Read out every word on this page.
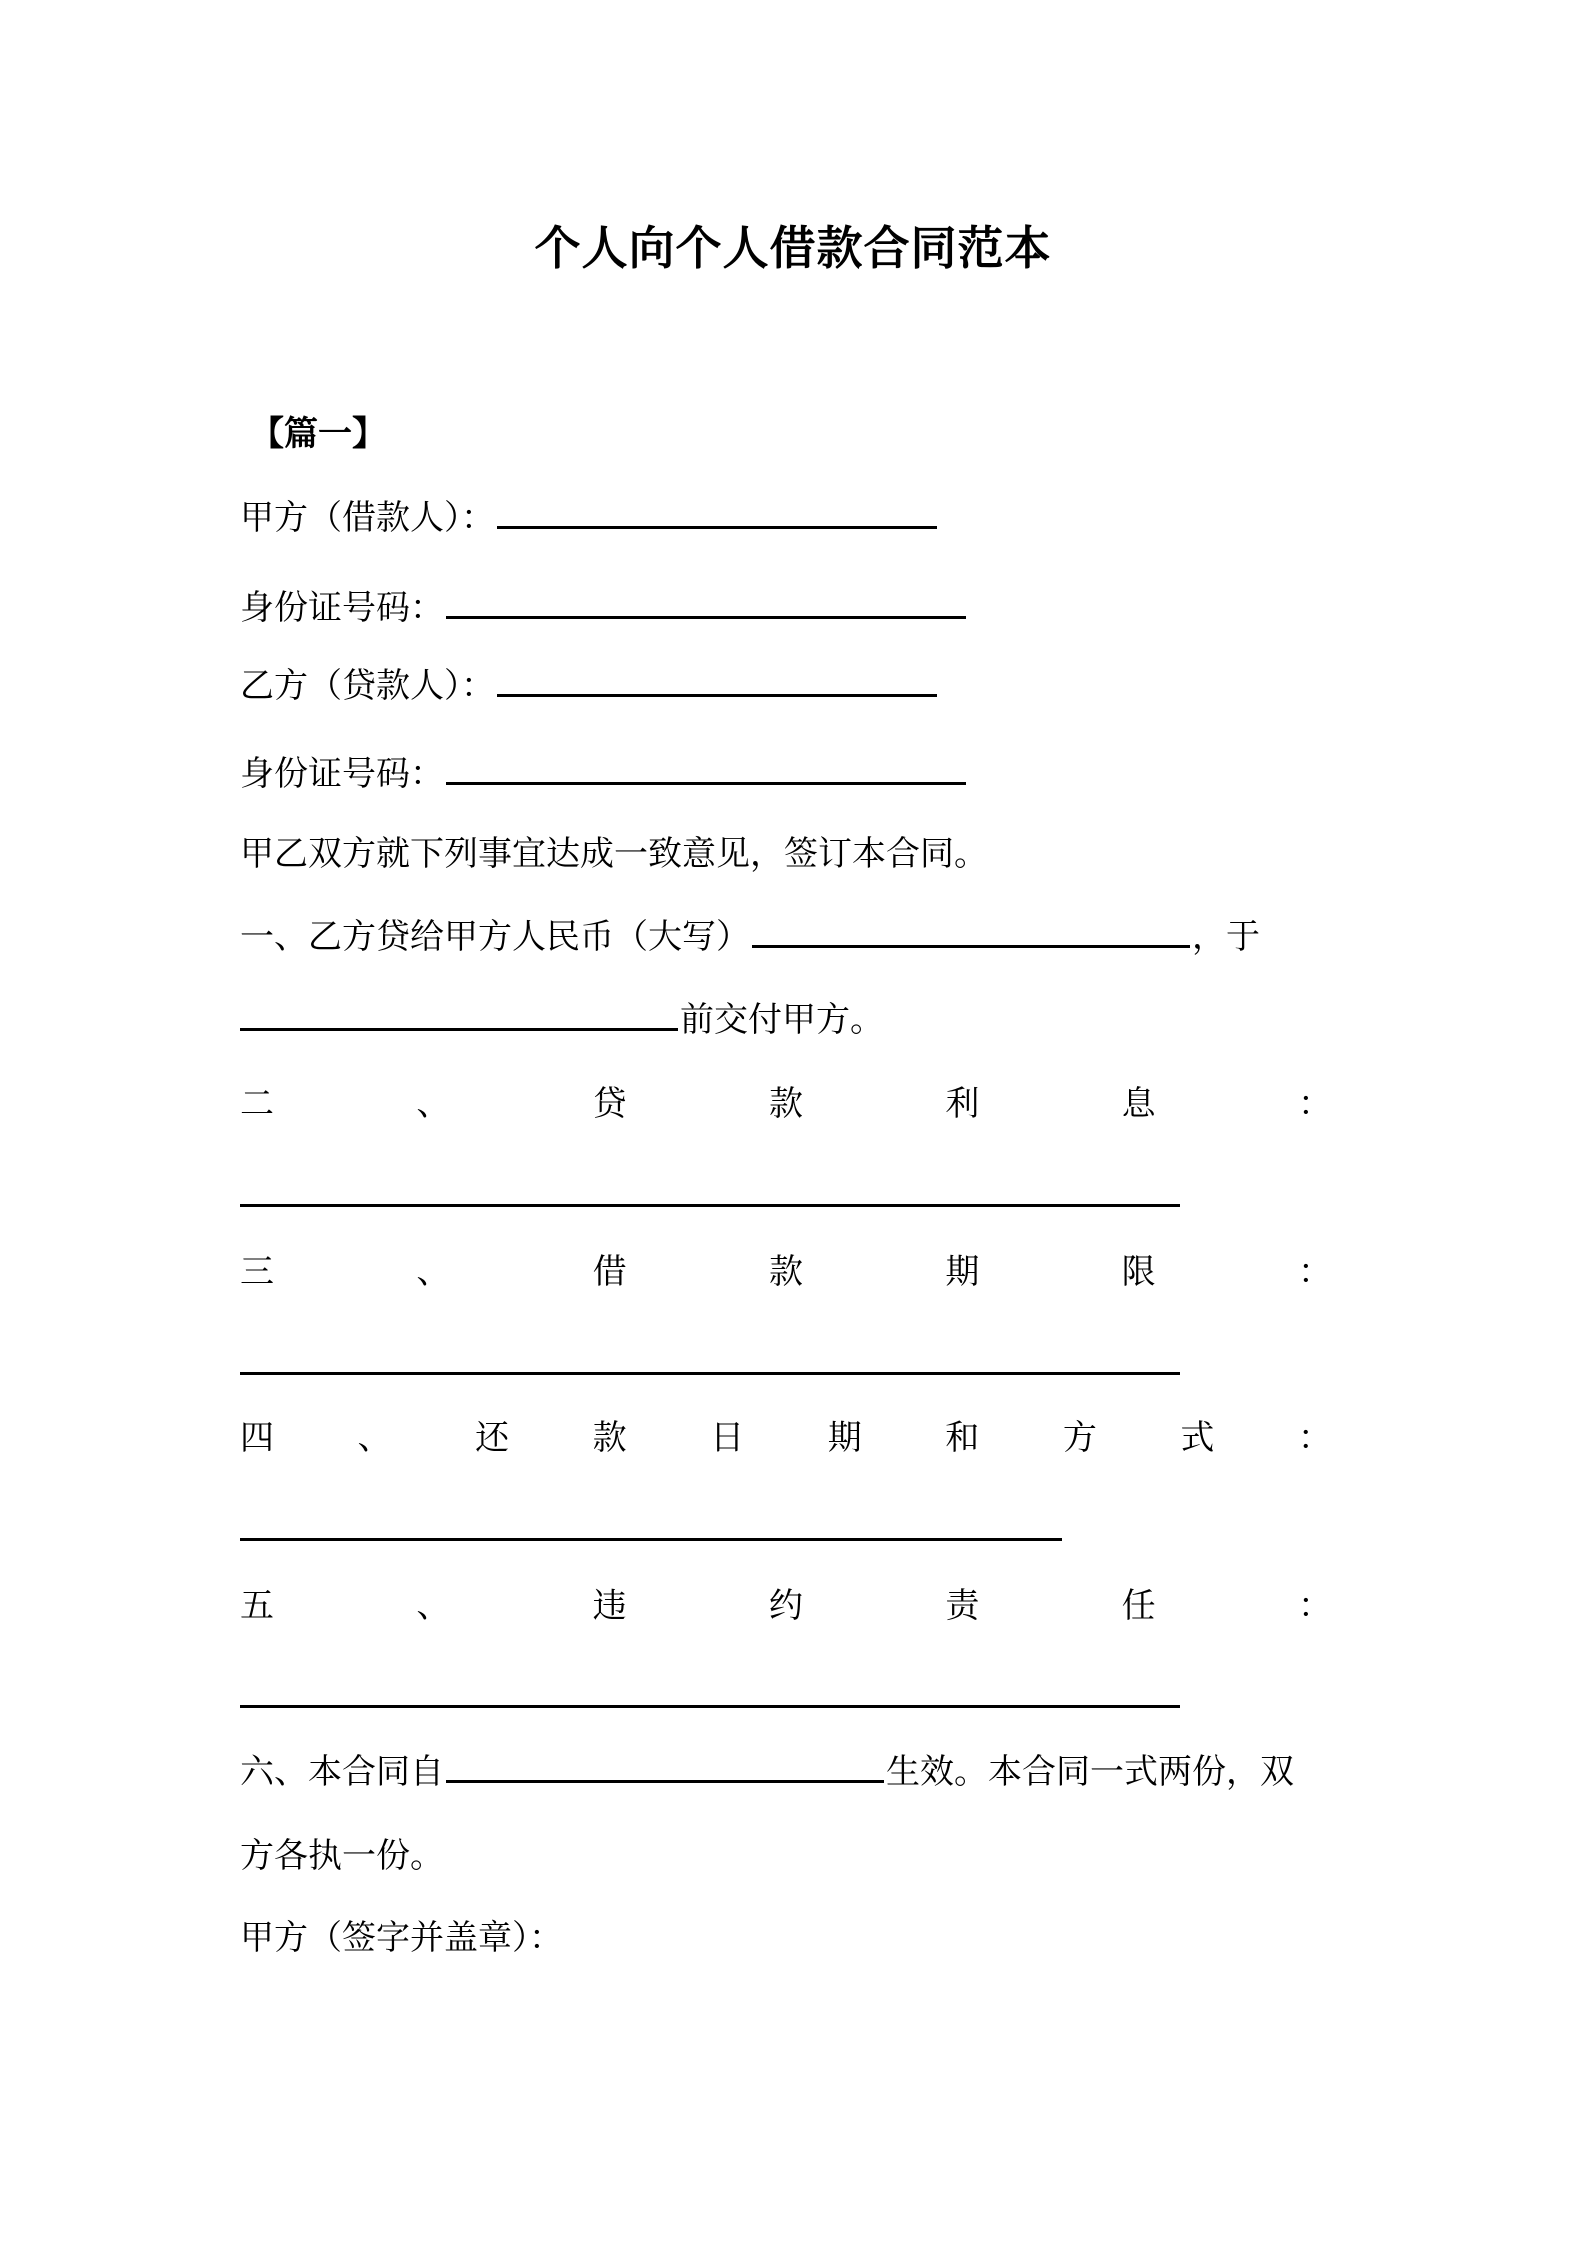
个人向个人借款合同范本
【篇一】
甲方（借款人）：
身份证号码：
乙方（贷款人）：
身份证号码：
甲乙双方就下列事宜达成一致意见，签订本合同。
一、乙方贷给甲方人民币（大写）	，于
前交付甲方。
二	、	贷	款	利	息	：
三	、	借	款	期	限	：
四 、 还 款 日 期 和 方 式 ：
五	、	违	约	责	任	：
六、本合同自	生效。本合同一式两份，双
方各执一份。
甲方（签字并盖章）：
